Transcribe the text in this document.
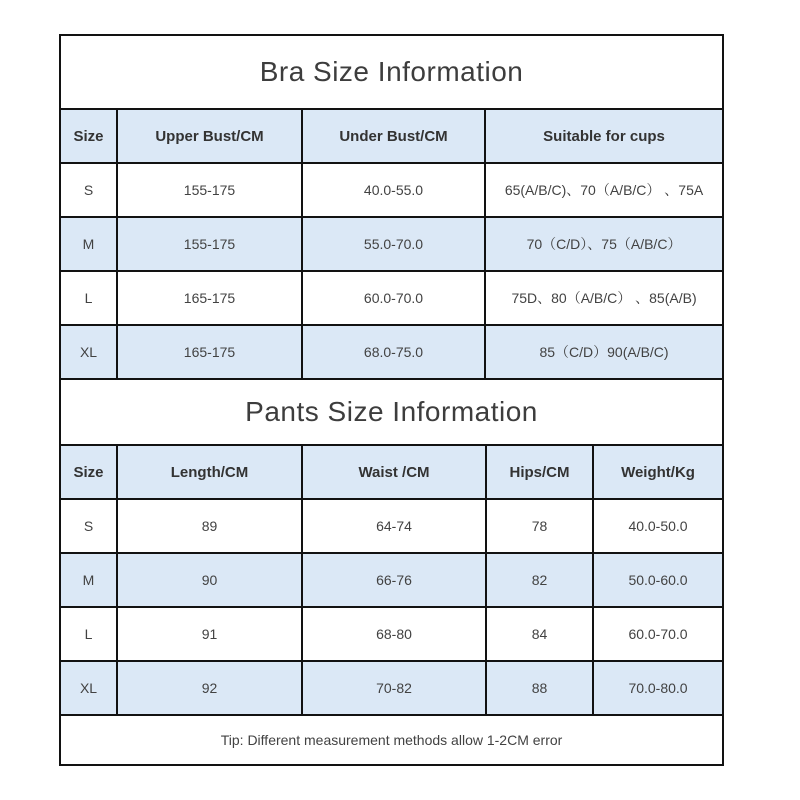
Bra Size Information			
Size	Upper Bust/CM	Under Bust/CM	Suitable for cups
S	155-175	40.0-55.0	65(A/B/C)、70（A/B/C） 、75A
M	155-175	55.0-70.0	70（C/D）、75（A/B/C）
L	165-175	60.0-70.0	75D、80（A/B/C） 、85(A/B)
XL	165-175	68.0-75.0	85（C/D）90(A/B/C)
Pants Size Information				
Size	Length/CM	Waist /CM	Hips/CM	Weight/Kg
S	89	64-74	78	40.0-50.0
M	90	66-76	82	50.0-60.0
L	91	68-80	84	60.0-70.0
XL	92	70-82	88	70.0-80.0
Tip: Different measurement methods allow 1-2CM error				
